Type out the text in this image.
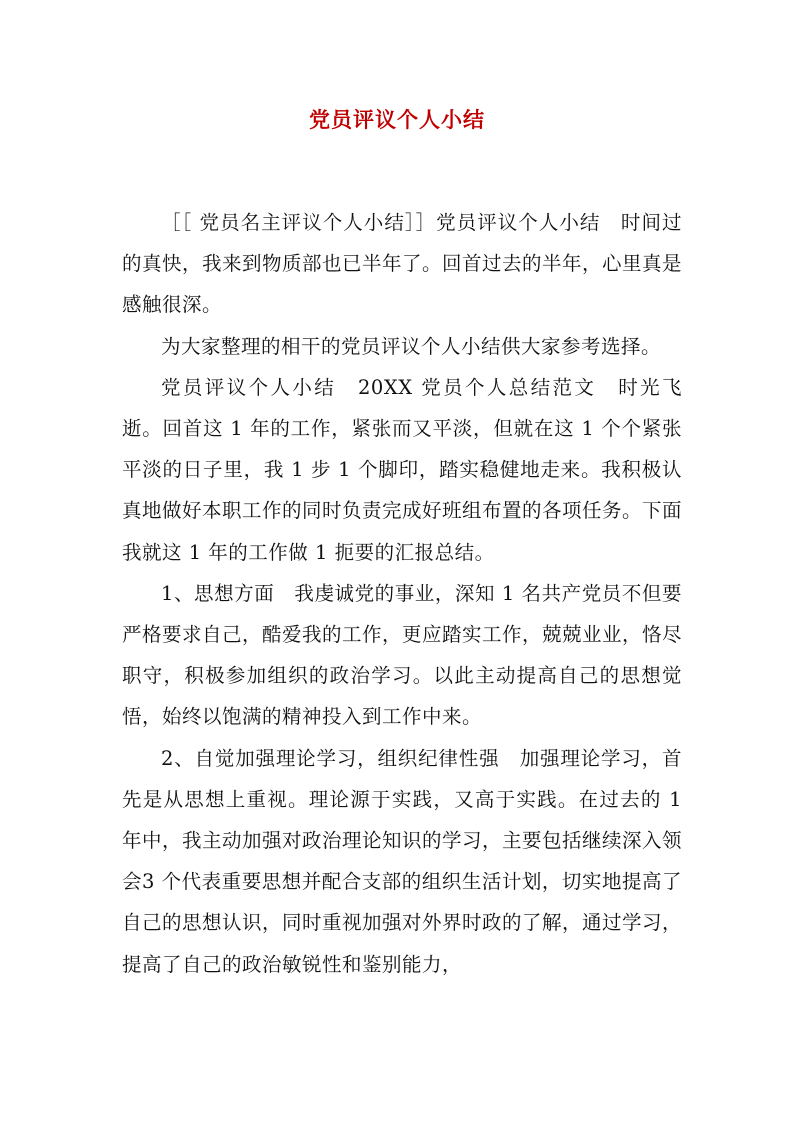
党员评议个人小结

［［ 党员名主评议个人小结］］党员评议个人小结　时间过的真快，我来到物质部也已半年了。回首过去的半年，心里真是感触很深。

为大家整理的相干的党员评议个人小结供大家参考选择。

党员评议个人小结　20XX 党员个人总结范文　时光飞逝。回首这 1 年的工作，紧张而又平淡，但就在这 1 个个紧张平淡的日子里，我 1 步 1 个脚印，踏实稳健地走来。我积极认真地做好本职工作的同时负责完成好班组布置的各项任务。下面我就这 1 年的工作做 1 扼要的汇报总结。

1、思想方面　我虔诚党的事业，深知 1 名共产党员不但要严格要求自己，酷爱我的工作，更应踏实工作，兢兢业业，恪尽职守，积极参加组织的政治学习。以此主动提高自己的思想觉悟，始终以饱满的精神投入到工作中来。

2、自觉加强理论学习，组织纪律性强　加强理论学习，首先是从思想上重视。理论源于实践，又高于实践。在过去的 1 年中，我主动加强对政治理论知识的学习，主要包括继续深入领会3 个代表重要思想并配合支部的组织生活计划，切实地提高了自己的思想认识，同时重视加强对外界时政的了解，通过学习，提高了自己的政治敏锐性和鉴别能力，
